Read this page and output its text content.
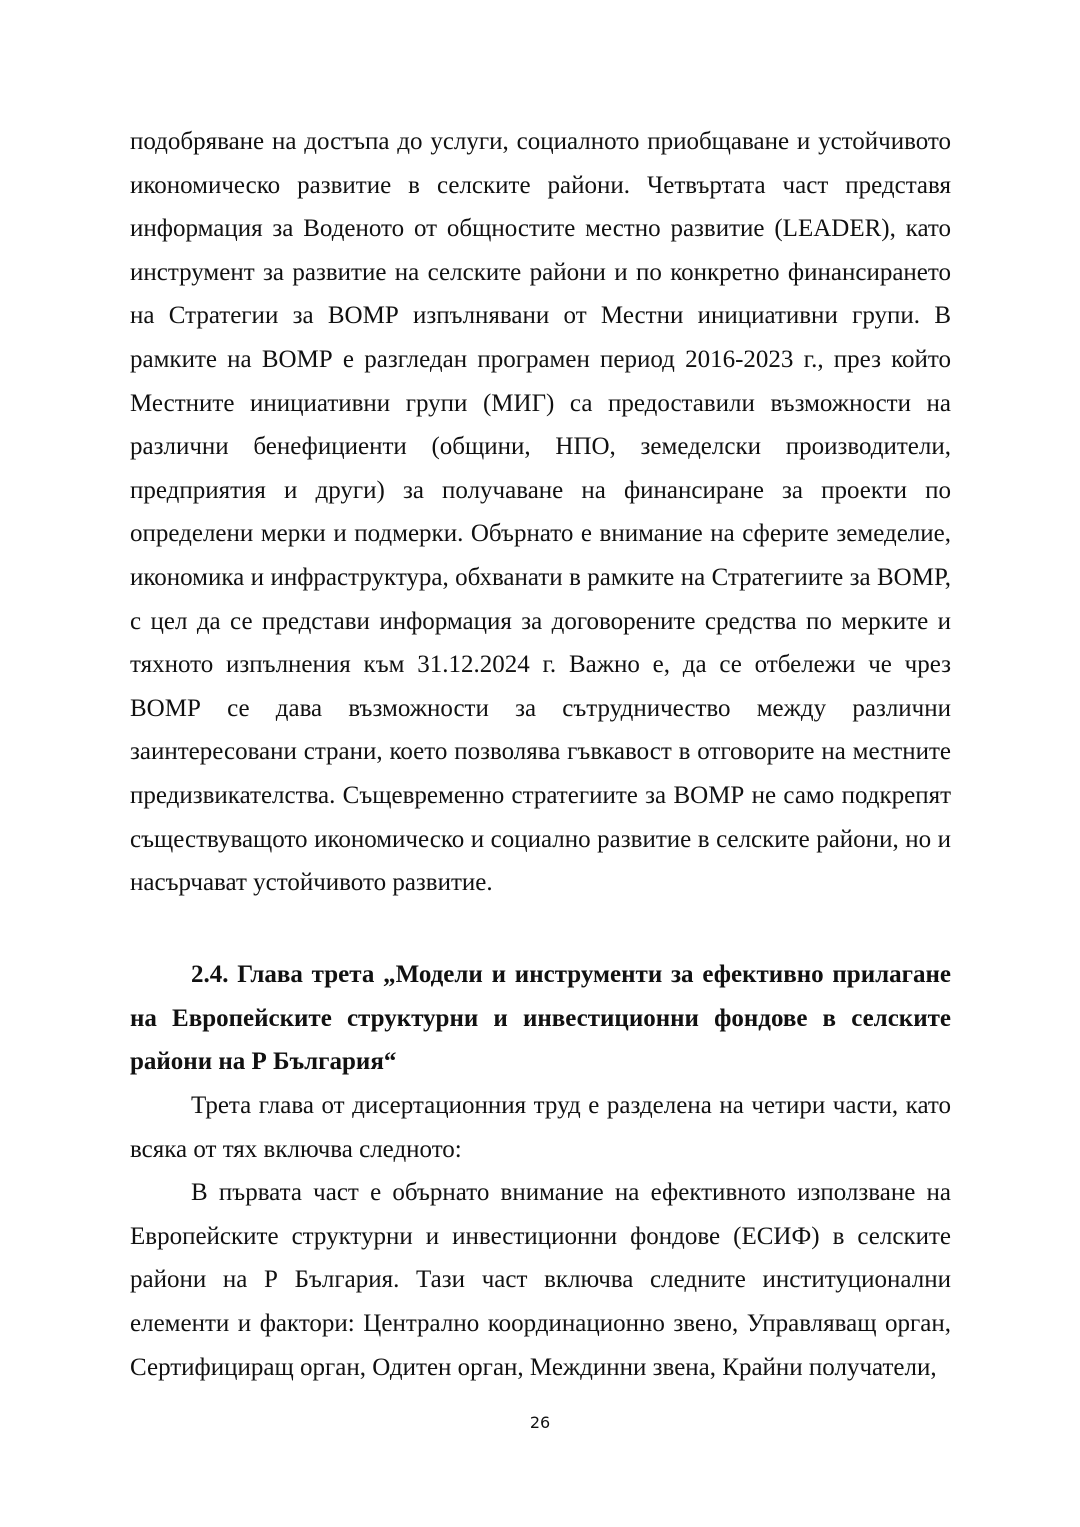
подобряване на достъпа до услуги, социалното приобщаване и устойчивото икономическо развитие в селските райони. Четвъртата част представя информация за Воденото от общностите местно развитие (LEADER), като инструмент за развитие на селските райони и по конкретно финансирането на Стратегии за ВОМР изпълнявани от Местни инициативни групи. В рамките на ВОМР е разгледан програмен период 2016-2023 г., през който Местните инициативни групи (МИГ) са предоставили възможности на различни бенефициенти (общини, НПО, земеделски производители, предприятия и други) за получаване на финансиране за проекти по определени мерки и подмерки. Обърнато е внимание на сферите земеделие, икономика и инфраструктура, обхванати в рамките на Стратегиите за ВОМР, с цел да се представи информация за договорените средства по мерките и тяхното изпълнения към 31.12.2024 г. Важно е, да се отбележи че чрез ВОМР се дава възможности за сътрудничество между различни заинтересовани страни, което позволява гъвкавост в отговорите на местните предизвикателства. Същевременно стратегиите за ВОМР не само подкрепят съществуващото икономическо и социално развитие в селските райони, но и насърчават устойчивото развитие.

2.4. Глава трета „Модели и инструменти за ефективно прилагане на Европейските структурни и инвестиционни фондове в селските райони на Р България“

Трета глава от дисертационния труд е разделена на четири части, като всяка от тях включва следното:

В първата част е обърнато внимание на ефективното използване на Европейските структурни и инвестиционни фондове (ЕСИФ) в селските райони на Р България. Тази част включва следните институционални елементи и фактори: Централно координационно звено, Управляващ орган, Сертифициращ орган, Одитен орган, Междинни звена, Крайни получатели,

26
